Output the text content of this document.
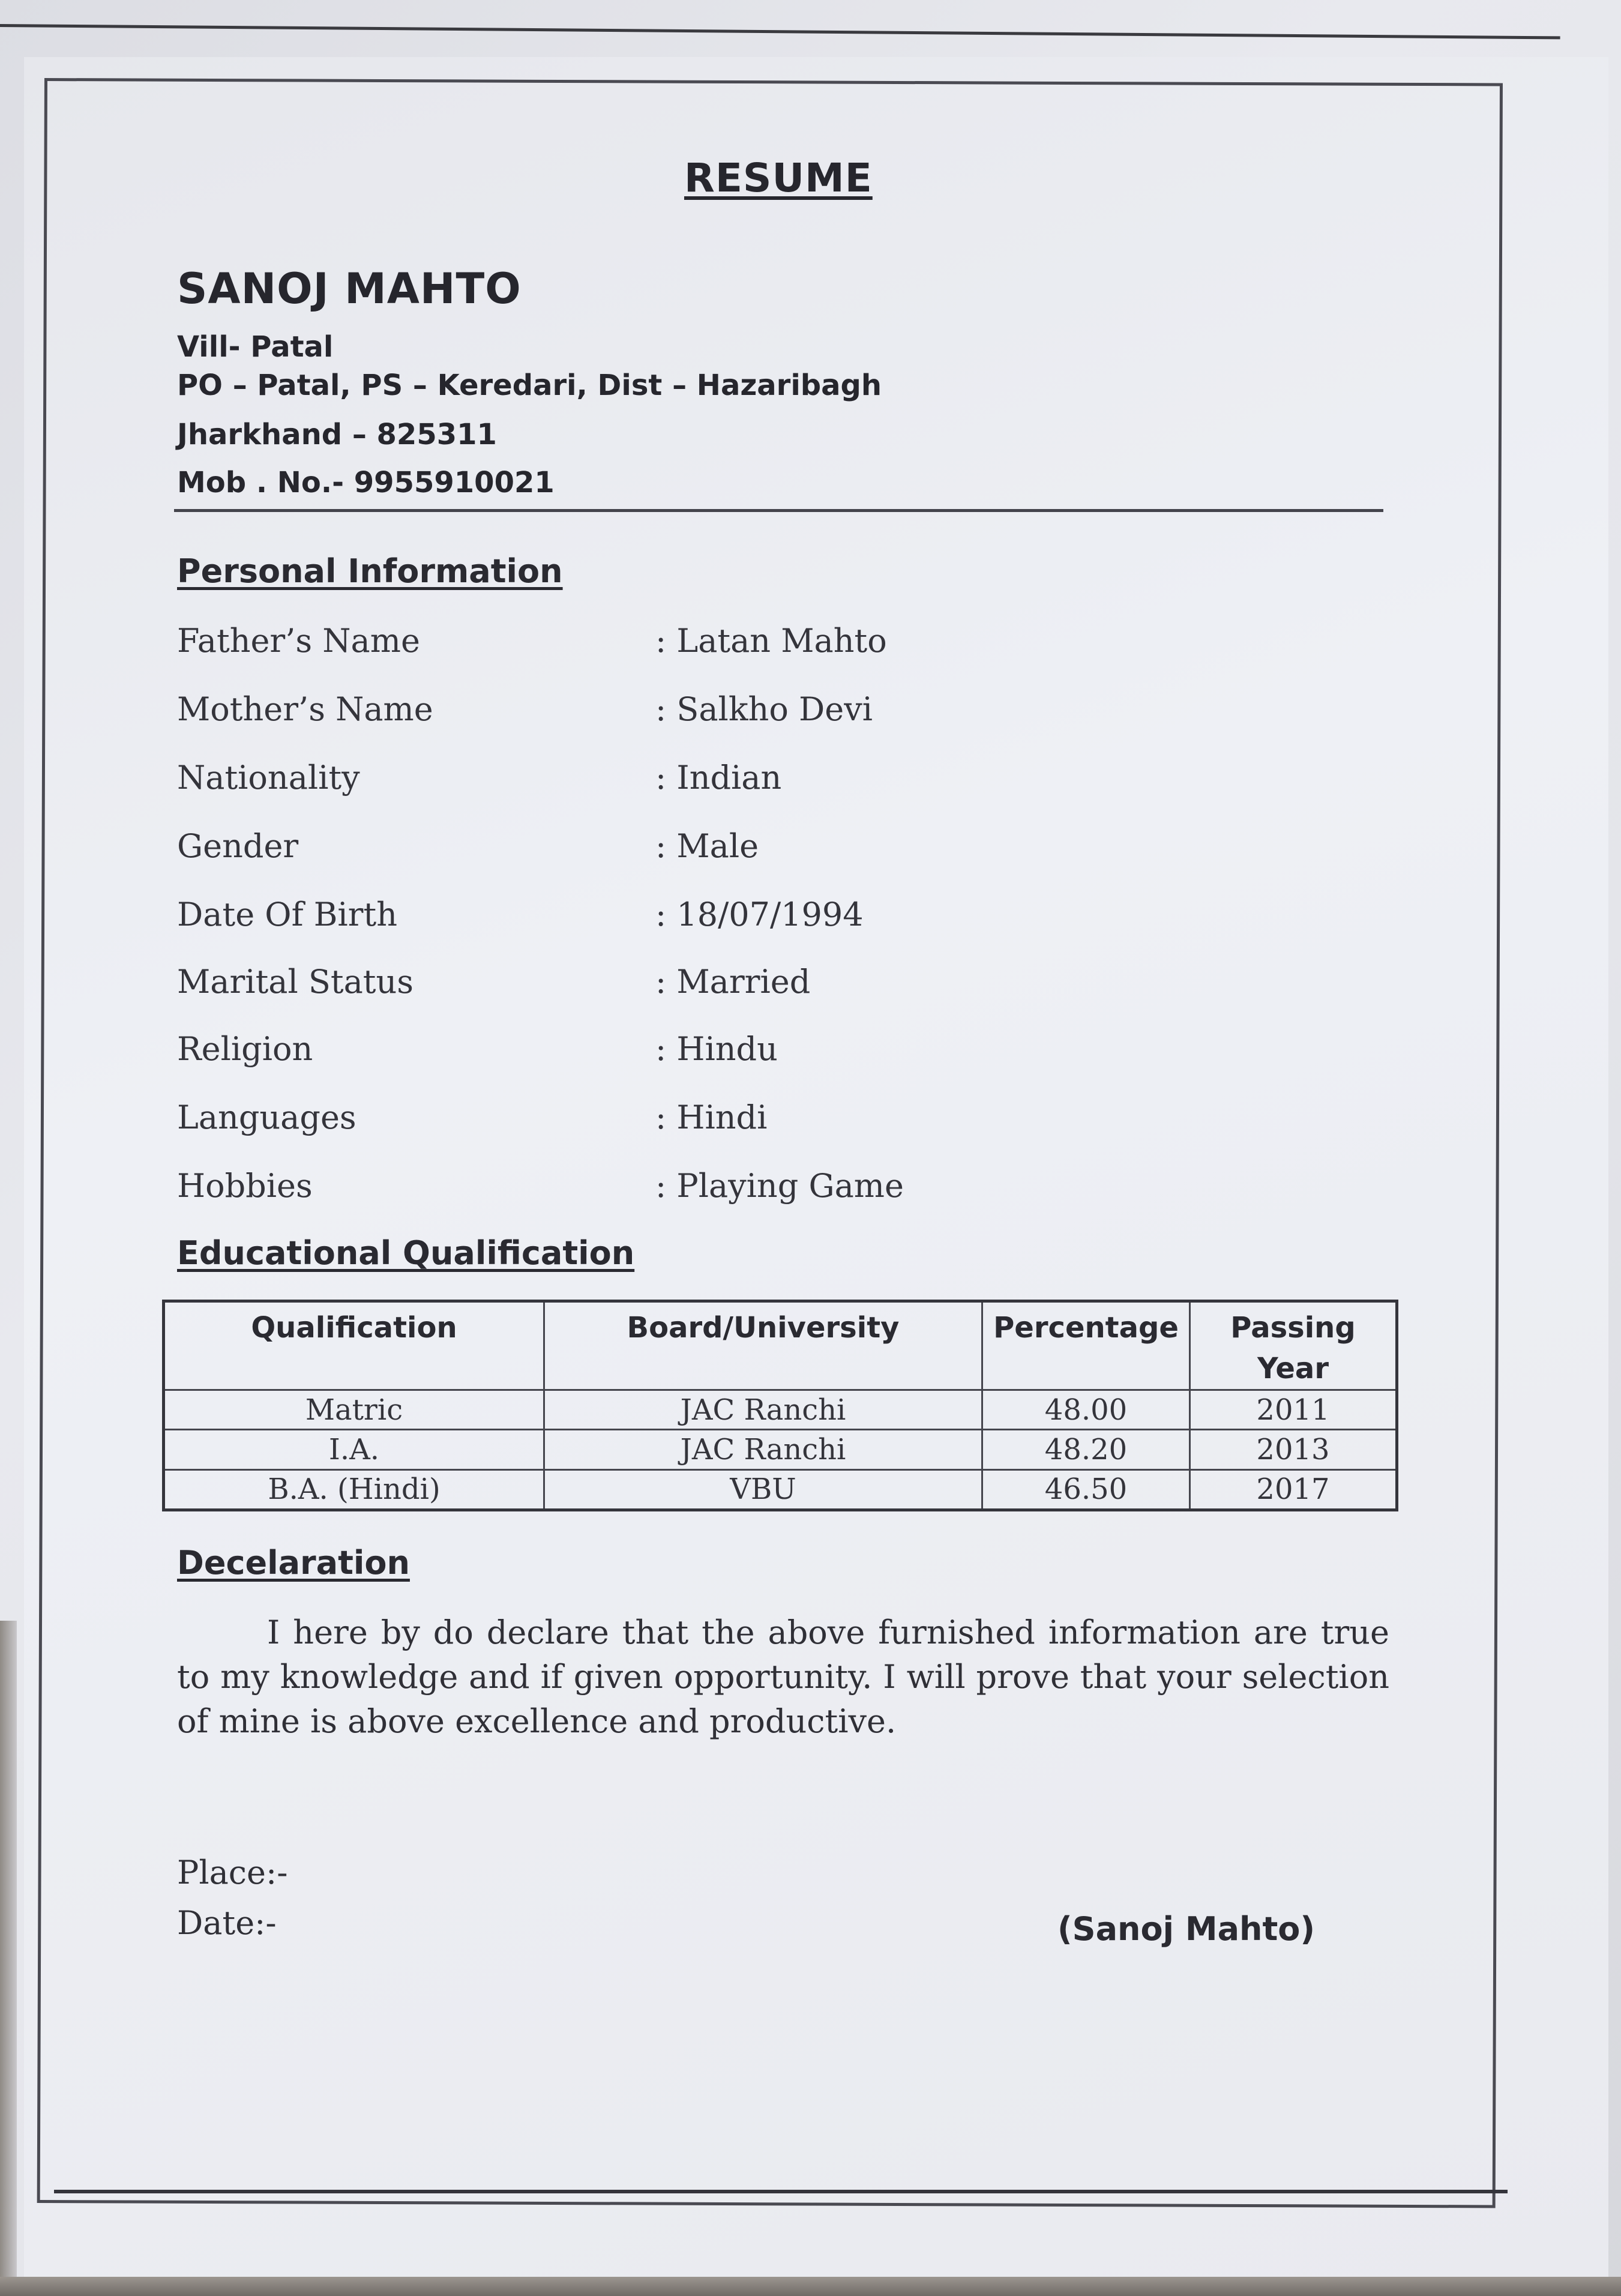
RESUME
SANOJ MAHTO
Vill- Patal
PO – Patal, PS – Keredari, Dist – Hazaribagh
Jharkhand – 825311
Mob . No.- 9955910021
Personal Information
Father’s Name	: Latan Mahto
Mother’s Name	: Salkho Devi
Nationality	: Indian
Gender	: Male
Date Of Birth	: 18/07/1994
Marital Status	: Married
Religion	: Hindu
Languages	: Hindi
Hobbies	: Playing Game
Educational Qualification
Qualification	Board/University	Percentage	Passing Year
Matric	JAC Ranchi	48.00	2011
I.A.	JAC Ranchi	48.20	2013
B.A. (Hindi)	VBU	46.50	2017
Decelaration
I here by do declare that the above furnished information are true to my knowledge and if given opportunity. I will prove that your selection of mine is above excellence and productive.
Place:-
Date:-	(Sanoj Mahto)
